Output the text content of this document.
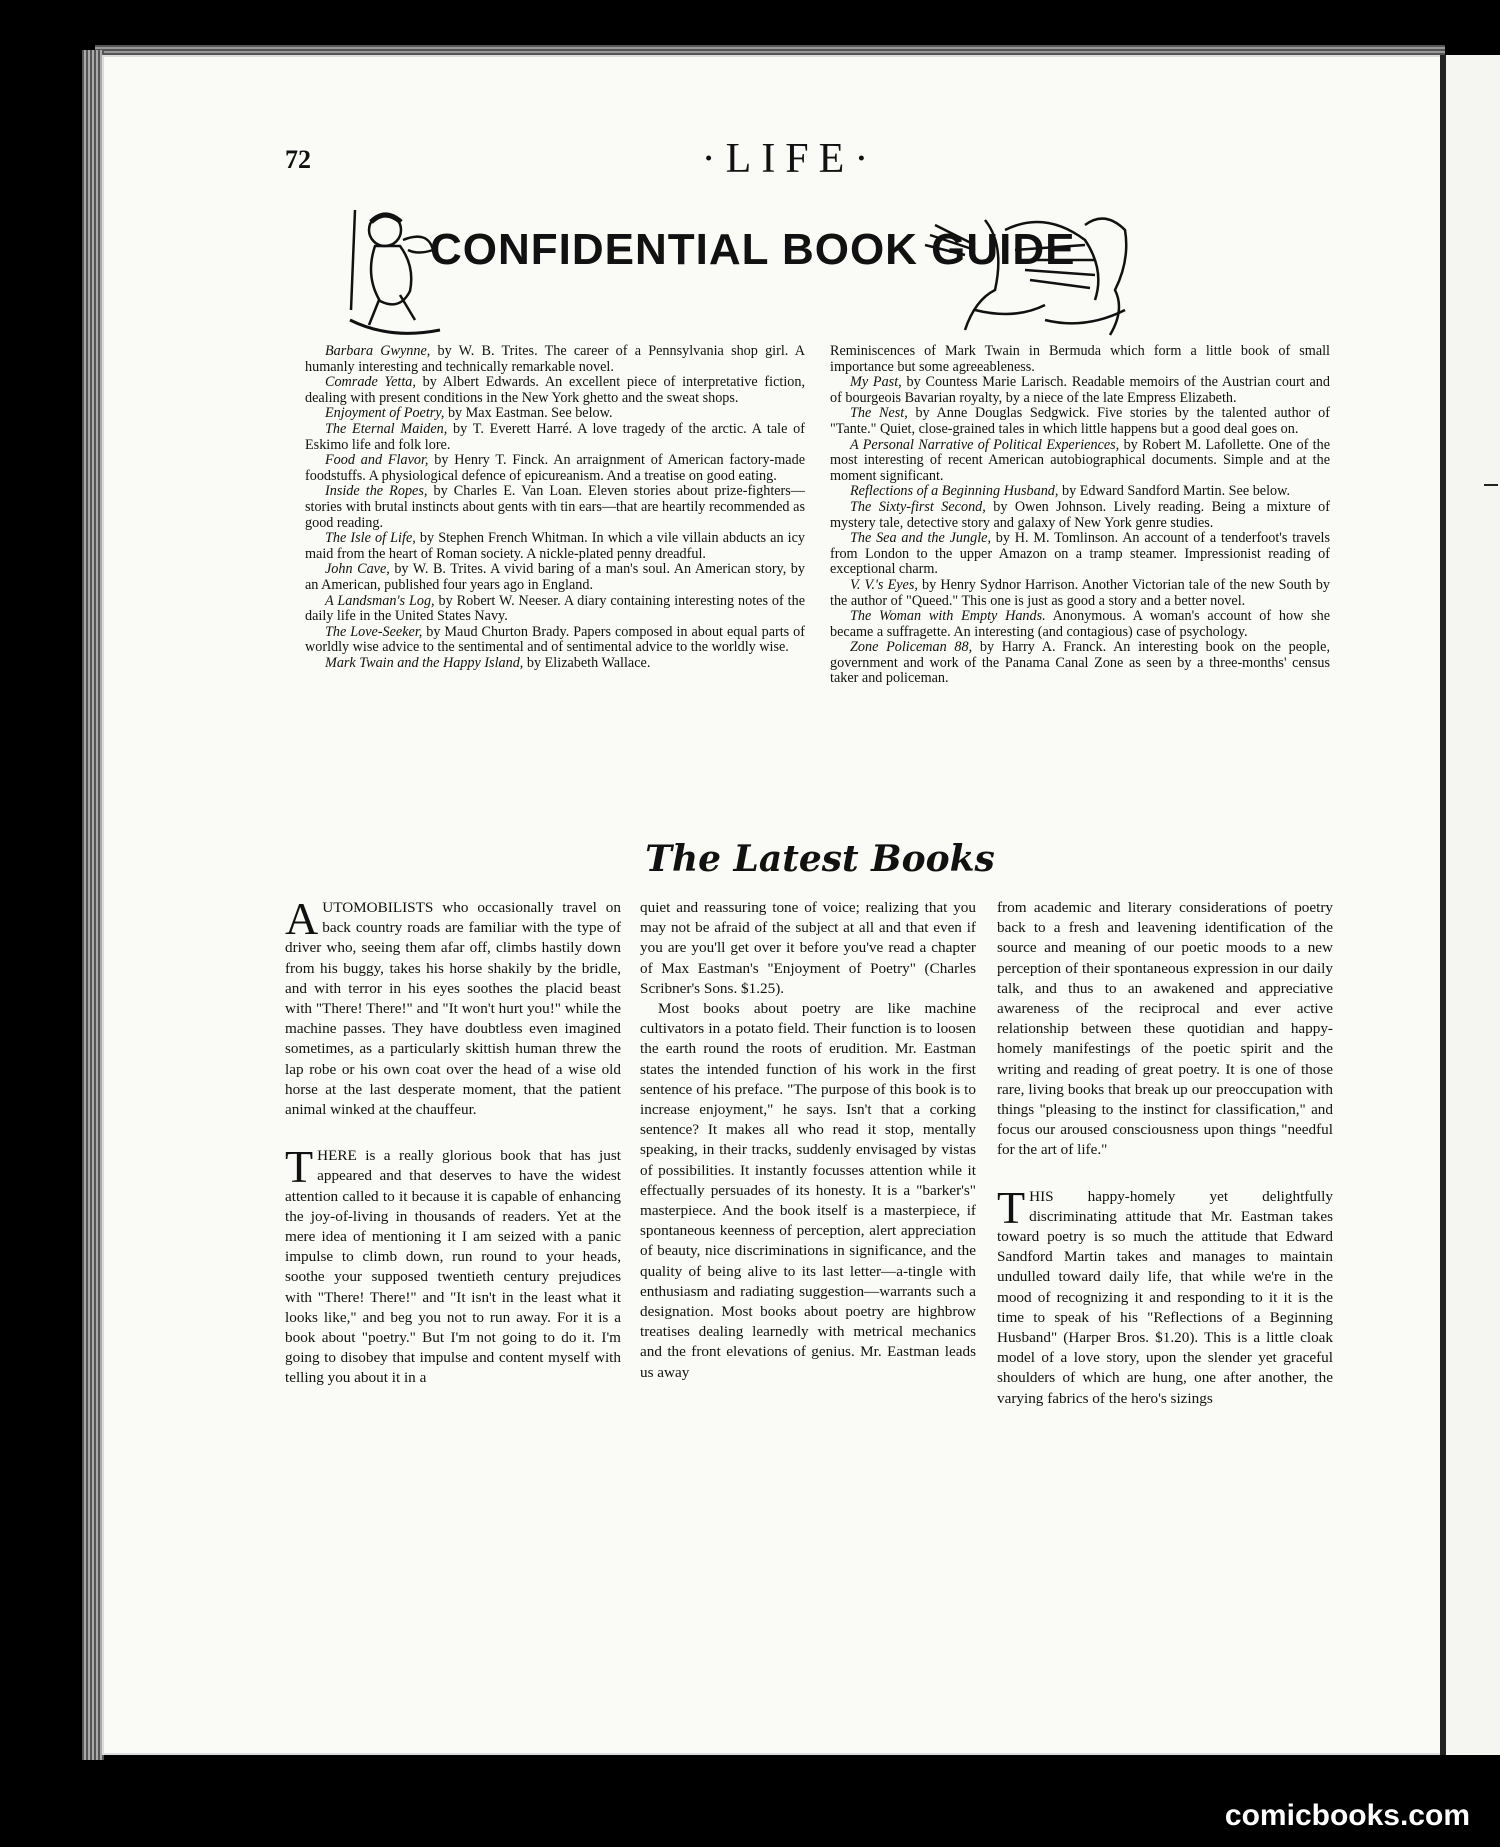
72	·LIFE·
CONFIDENTIAL BOOK GUIDE

Barbara Gwynne, by W. B. Trites. The career of a Pennsylvania shop girl. A humanly interesting and technically remarkable novel.

Comrade Yetta, by Albert Edwards. An excellent piece of interpretative fiction, dealing with present conditions in the New York ghetto and the sweat shops.

Enjoyment of Poetry, by Max Eastman. See below.

The Eternal Maiden, by T. Everett Harré. A love tragedy of the arctic. A tale of Eskimo life and folk lore.

Food and Flavor, by Henry T. Finck. An arraignment of American factory-made foodstuffs. A physiological defence of epicureanism. And a treatise on good eating.

Inside the Ropes, by Charles E. Van Loan. Eleven stories about prize-fighters—stories with brutal instincts about gents with tin ears—that are heartily recommended as good reading.

The Isle of Life, by Stephen French Whitman. In which a vile villain abducts an icy maid from the heart of Roman society. A nickle-plated penny dreadful.

John Cave, by W. B. Trites. A vivid baring of a man's soul. An American story, by an American, published four years ago in England.

A Landsman's Log, by Robert W. Neeser. A diary containing interesting notes of the daily life in the United States Navy.

The Love-Seeker, by Maud Churton Brady. Papers composed in about equal parts of worldly wise advice to the sentimental and of sentimental advice to the worldly wise.

Mark Twain and the Happy Island, by Elizabeth Wallace.

Reminiscences of Mark Twain in Bermuda which form a little book of small importance but some agreeableness.

My Past, by Countess Marie Larisch. Readable memoirs of the Austrian court and of bourgeois Bavarian royalty, by a niece of the late Empress Elizabeth.

The Nest, by Anne Douglas Sedgwick. Five stories by the talented author of "Tante." Quiet, close-grained tales in which little happens but a good deal goes on.

A Personal Narrative of Political Experiences, by Robert M. Lafollette. One of the most interesting of recent American autobiographical documents. Simple and at the moment significant.

Reflections of a Beginning Husband, by Edward Sandford Martin. See below.

The Sixty-first Second, by Owen Johnson. Lively reading. Being a mixture of mystery tale, detective story and galaxy of New York genre studies.

The Sea and the Jungle, by H. M. Tomlinson. An account of a tenderfoot's travels from London to the upper Amazon on a tramp steamer. Impressionist reading of exceptional charm.

V. V.'s Eyes, by Henry Sydnor Harrison. Another Victorian tale of the new South by the author of "Queed." This one is just as good a story and a better novel.

The Woman with Empty Hands. Anonymous. A woman's account of how she became a suffragette. An interesting (and contagious) case of psychology.

Zone Policeman 88, by Harry A. Franck. An interesting book on the people, government and work of the Panama Canal Zone as seen by a three-months' census taker and policeman.

The Latest Books

AUTOMOBILISTS who occasionally travel on back country roads are familiar with the type of driver who, seeing them afar off, climbs hastily down from his buggy, takes his horse shakily by the bridle, and with terror in his eyes soothes the placid beast with "There! There!" and "It won't hurt you!" while the machine passes. They have doubtless even imagined sometimes, as a particularly skittish human threw the lap robe or his own coat over the head of a wise old horse at the last desperate moment, that the patient animal winked at the chauffeur.

THERE is a really glorious book that has just appeared and that deserves to have the widest attention called to it because it is capable of enhancing the joy-of-living in thousands of readers. Yet at the mere idea of mentioning it I am seized with a panic impulse to climb down, run round to your heads, soothe your supposed twentieth century prejudices with "There! There!" and "It isn't in the least what it looks like," and beg you not to run away. For it is a book about "poetry." But I'm not going to do it. I'm going to disobey that impulse and content myself with telling you about it in a

quiet and reassuring tone of voice; realizing that you may not be afraid of the subject at all and that even if you are you'll get over it before you've read a chapter of Max Eastman's "Enjoyment of Poetry" (Charles Scribner's Sons. $1.25).

Most books about poetry are like machine cultivators in a potato field. Their function is to loosen the earth round the roots of erudition. Mr. Eastman states the intended function of his work in the first sentence of his preface. "The purpose of this book is to increase enjoyment," he says. Isn't that a corking sentence? It makes all who read it stop, mentally speaking, in their tracks, suddenly envisaged by vistas of possibilities. It instantly focusses attention while it effectually persuades of its honesty. It is a "barker's" masterpiece. And the book itself is a masterpiece, if spontaneous keenness of perception, alert appreciation of beauty, nice discriminations in significance, and the quality of being alive to its last letter—a-tingle with enthusiasm and radiating suggestion—warrants such a designation. Most books about poetry are highbrow treatises dealing learnedly with metrical mechanics and the front elevations of genius. Mr. Eastman leads us away

from academic and literary considerations of poetry back to a fresh and leavening identification of the source and meaning of our poetic moods to a new perception of their spontaneous expression in our daily talk, and thus to an awakened and appreciative awareness of the reciprocal and ever active relationship between these quotidian and happy-homely manifestings of the poetic spirit and the writing and reading of great poetry. It is one of those rare, living books that break up our preoccupation with things "pleasing to the instinct for classification," and focus our aroused consciousness upon things "needful for the art of life."

THIS happy-homely yet delightfully discriminating attitude that Mr. Eastman takes toward poetry is so much the attitude that Edward Sandford Martin takes and manages to maintain undulled toward daily life, that while we're in the mood of recognizing it and responding to it it is the time to speak of his "Reflections of a Beginning Husband" (Harper Bros. $1.20). This is a little cloak model of a love story, upon the slender yet graceful shoulders of which are hung, one after another, the varying fabrics of the hero's sizings

comicbooks.com
